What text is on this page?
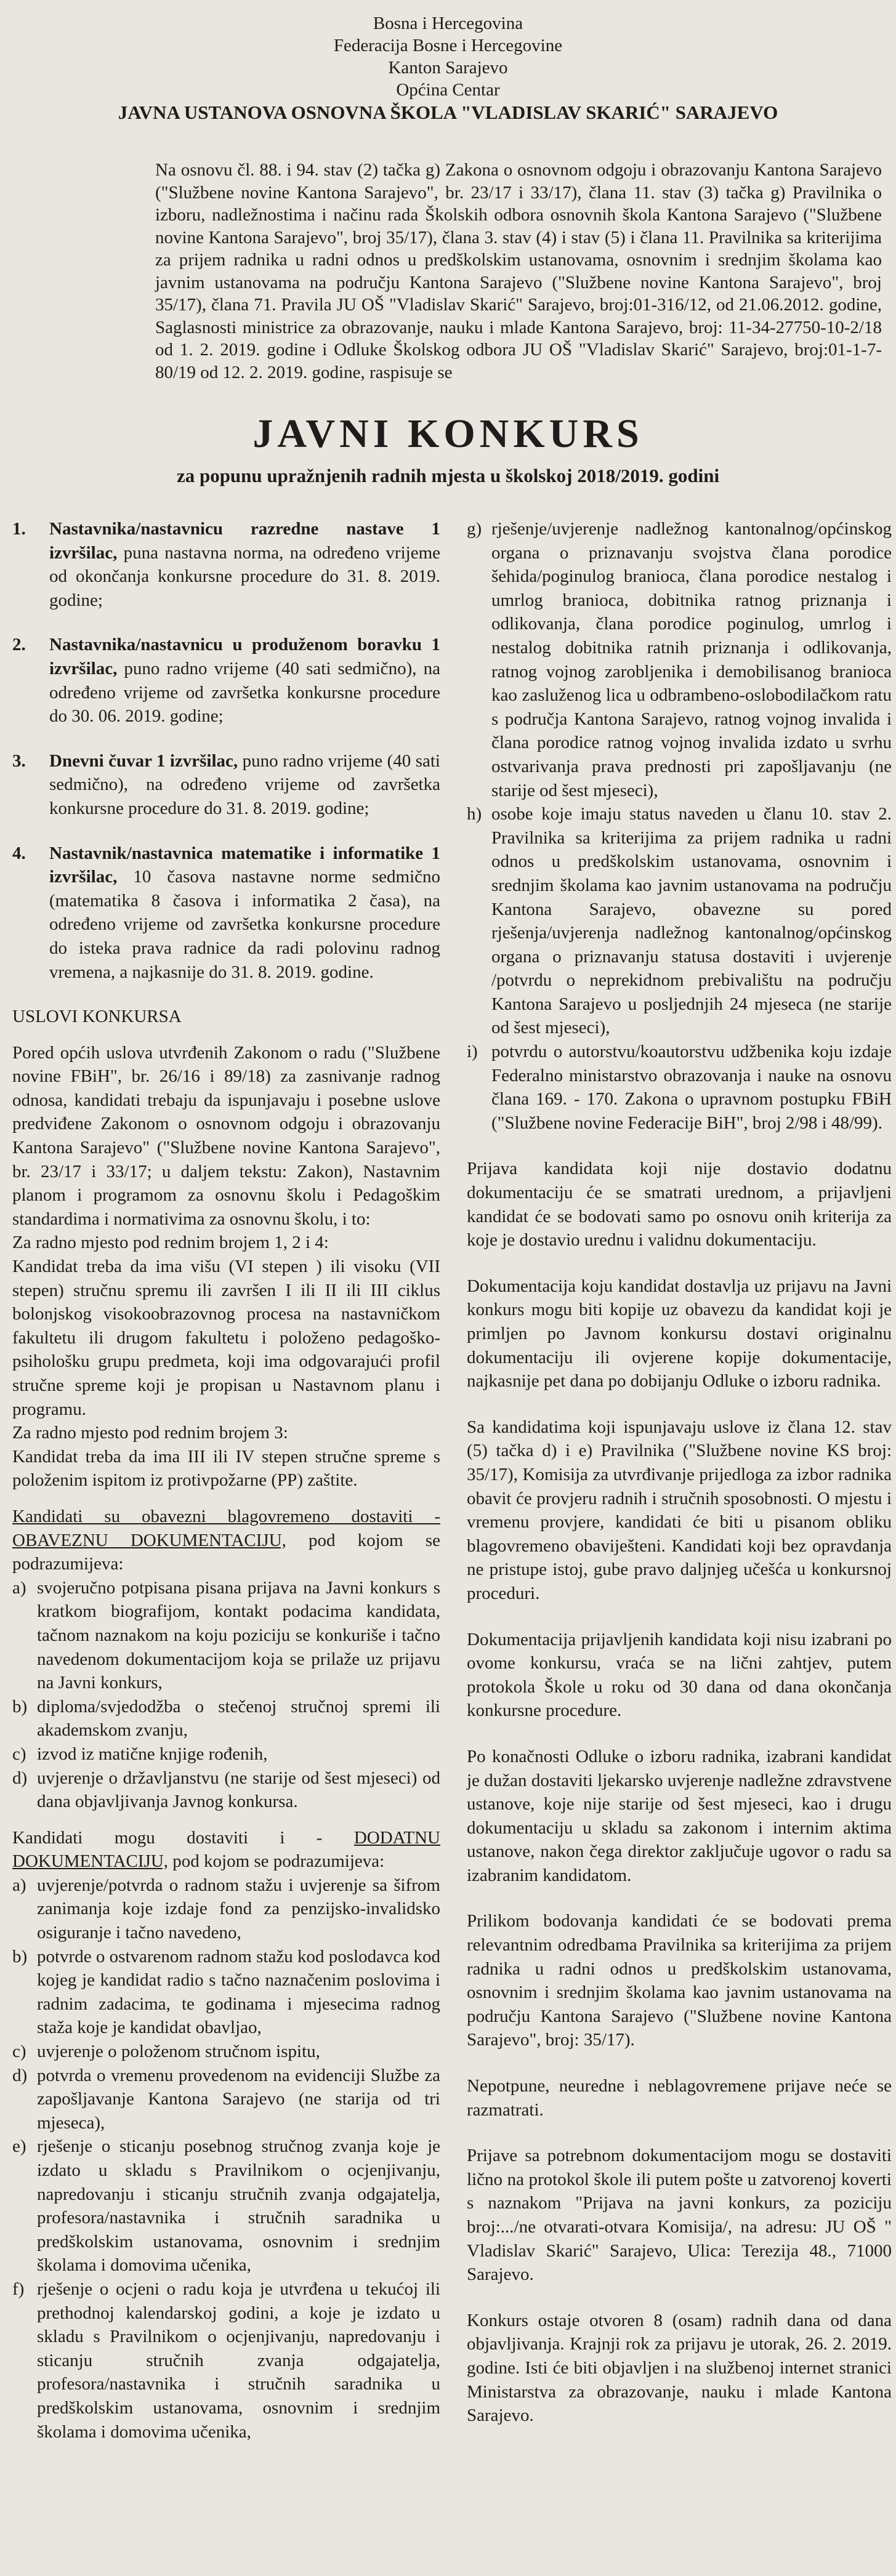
Bosna i Hercegovina
Federacija Bosne i Hercegovine
Kanton Sarajevo
Općina Centar
JAVNA USTANOVA OSNOVNA ŠKOLA "VLADISLAV SKARIĆ" SARAJEVO
Na osnovu čl. 88. i 94. stav (2) tačka g) Zakona o osnovnom odgoju i obrazovanju Kantona Sarajevo ("Službene novine Kantona Sarajevo", br. 23/17 i 33/17), člana 11. stav (3) tačka g) Pravilnika o izboru, nadležnostima i načinu rada Školskih odbora osnovnih škola Kantona Sarajevo ("Službene novine Kantona Sarajevo", broj 35/17), člana 3. stav (4) i stav (5) i člana 11. Pravilnika sa kriterijima za prijem radnika u radni odnos u predškolskim ustanovama, osnovnim i srednjim školama kao javnim ustanovama na području Kantona Sarajevo ("Službene novine Kantona Sarajevo", broj 35/17), člana 71. Pravila JU OŠ "Vladislav Skarić" Sarajevo, broj:01-316/12, od 21.06.2012. godine, Saglasnosti ministrice za obrazovanje, nauku i mlade Kantona Sarajevo, broj: 11-34-27750-10-2/18 od 1. 2. 2019. godine i Odluke Školskog odbora JU OŠ "Vladislav Skarić" Sarajevo, broj:01-1-7- 80/19 od 12. 2. 2019. godine, raspisuje se
JAVNI KONKURS
za popunu upražnjenih radnih mjesta u školskoj 2018/2019. godini
1.	Nastavnika/nastavnicu razredne nastave 1 izvršilac, puna nastavna norma, na određeno vrijeme od okončanja konkursne procedure do 31. 8. 2019. godine;
2.	Nastavnika/nastavnicu u produženom boravku 1 izvršilac, puno radno vrijeme (40 sati sedmično), na određeno vrijeme od završetka konkursne procedure do 30. 06. 2019. godine;
3.	Dnevni čuvar 1 izvršilac, puno radno vrijeme (40 sati sedmično), na određeno vrijeme od završetka konkursne procedure do 31. 8. 2019. godine;
4.	Nastavnik/nastavnica matematike i informatike 1 izvršilac, 10 časova nastavne norme sedmično (matematika 8 časova i informatika 2 časa), na određeno vrijeme od završetka konkursne procedure do isteka prava radnice da radi polovinu radnog vremena, a najkasnije do 31. 8. 2019. godine.

USLOVI KONKURSA

Pored općih uslova utvrđenih Zakonom o radu ("Službene novine FBiH", br. 26/16 i 89/18) za zasnivanje radnog odnosa, kandidati trebaju da ispunjavaju i posebne uslove predviđene Zakonom o osnovnom odgoju i obrazovanju Kantona Sarajevo" ("Službene novine Kantona Sarajevo", br. 23/17 i 33/17; u daljem tekstu: Zakon), Nastavnim planom i programom za osnovnu školu i Pedagoškim standardima i normativima za osnovnu školu, i to:

Za radno mjesto pod rednim brojem 1, 2 i 4:

Kandidat treba da ima višu (VI stepen ) ili visoku (VII stepen) stručnu spremu ili završen I ili II ili III ciklus bolonjskog visokoobrazovnog procesa na nastavničkom fakultetu ili drugom fakultetu i položeno pedagoško-psihološku grupu predmeta, koji ima odgovarajući profil stručne spreme koji je propisan u Nastavnom planu i programu.

Za radno mjesto pod rednim brojem 3:

Kandidat treba da ima III ili IV stepen stručne spreme s položenim ispitom iz protivpožarne (PP) zaštite.

Kandidati su obavezni blagovremeno dostaviti - OBAVEZNU DOKUMENTACIJU, pod kojom se podrazumijeva:

a) svojeručno potpisana pisana prijava na Javni konkurs s kratkom biografijom, kontakt podacima kandidata, tačnom naznakom na koju poziciju se konkuriše i tačno navedenom dokumentacijom koja se prilaže uz prijavu na Javni konkurs,
b) diploma/svjedodžba o stečenoj stručnoj spremi ili akademskom zvanju,
c) izvod iz matične knjige rođenih,
d) uvjerenje o državljanstvu (ne starije od šest mjeseci) od dana objavljivanja Javnog konkursa.

Kandidati mogu dostaviti i - DODATNU DOKUMENTACIJU, pod kojom se podrazumijeva:

a) uvjerenje/potvrda o radnom stažu i uvjerenje sa šifrom zanimanja koje izdaje fond za penzijsko-invalidsko osiguranje i tačno navedeno,
b) potvrde o ostvarenom radnom stažu kod poslodavca kod kojeg je kandidat radio s tačno naznačenim poslovima i radnim zadacima, te godinama i mjesecima radnog staža koje je kandidat obavljao,
c) uvjerenje o položenom stručnom ispitu,
d) potvrda o vremenu provedenom na evidenciji Službe za zapošljavanje Kantona Sarajevo (ne starija od tri mjeseca),
e) rješenje o sticanju posebnog stručnog zvanja koje je izdato u skladu s Pravilnikom o ocjenjivanju, napredovanju i sticanju stručnih zvanja odgajatelja, profesora/nastavnika i stručnih saradnika u predškolskim ustanovama, osnovnim i srednjim školama i domovima učenika,
f) rješenje o ocjeni o radu koja je utvrđena u tekućoj ili prethodnoj kalendarskoj godini, a koje je izdato u skladu s Pravilnikom o ocjenjivanju, napredovanju i sticanju stručnih zvanja odgajatelja, profesora/nastavnika i stručnih saradnika u predškolskim ustanovama, osnovnim i srednjim školama i domovima učenika,
g) rješenje/uvjerenje nadležnog kantonalnog/općinskog organa o priznavanju svojstva člana porodice šehida/poginulog branioca, člana porodice nestalog i umrlog branioca, dobitnika ratnog priznanja i odlikovanja, člana porodice poginulog, umrlog i nestalog dobitnika ratnih priznanja i odlikovanja, ratnog vojnog zarobljenika i demobilisanog branioca kao zasluženog lica u odbrambeno-oslobodilačkom ratu s područja Kantona Sarajevo, ratnog vojnog invalida i člana porodice ratnog vojnog invalida izdato u svrhu ostvarivanja prava prednosti pri zapošljavanju (ne starije od šest mjeseci),
h) osobe koje imaju status naveden u članu 10. stav 2. Pravilnika sa kriterijima za prijem radnika u radni odnos u predškolskim ustanovama, osnovnim i srednjim školama kao javnim ustanovama na području Kantona Sarajevo, obavezne su pored rješenja/uvjerenja nadležnog kantonalnog/općinskog organa o priznavanju statusa dostaviti i uvjerenje /potvrdu o neprekidnom prebivalištu na području Kantona Sarajevo u posljednjih 24 mjeseca (ne starije od šest mjeseci),
i) potvrdu o autorstvu/koautorstvu udžbenika koju izdaje Federalno ministarstvo obrazovanja i nauke na osnovu člana 169. - 170. Zakona o upravnom postupku FBiH ("Službene novine Federacije BiH", broj 2/98 i 48/99).

Prijava kandidata koji nije dostavio dodatnu dokumentaciju će se smatrati urednom, a prijavljeni kandidat će se bodovati samo po osnovu onih kriterija za koje je dostavio urednu i validnu dokumentaciju.

Dokumentacija koju kandidat dostavlja uz prijavu na Javni konkurs mogu biti kopije uz obavezu da kandidat koji je primljen po Javnom konkursu dostavi originalnu dokumentaciju ili ovjerene kopije dokumentacije, najkasnije pet dana po dobijanju Odluke o izboru radnika.

Sa kandidatima koji ispunjavaju uslove iz člana 12. stav (5) tačka d) i e) Pravilnika ("Službene novine KS broj: 35/17), Komisija za utvrđivanje prijedloga za izbor radnika obavit će provjeru radnih i stručnih sposobnosti. O mjestu i vremenu provjere, kandidati će biti u pisanom obliku blagovremeno obaviješteni. Kandidati koji bez opravdanja ne pristupe istoj, gube pravo daljnjeg učešća u konkursnoj proceduri.

Dokumentacija prijavljenih kandidata koji nisu izabrani po ovome konkursu, vraća se na lični zahtjev, putem protokola Škole u roku od 30 dana od dana okončanja konkursne procedure.

Po konačnosti Odluke o izboru radnika, izabrani kandidat je dužan dostaviti ljekarsko uvjerenje nadležne zdravstvene ustanove, koje nije starije od šest mjeseci, kao i drugu dokumentaciju u skladu sa zakonom i internim aktima ustanove, nakon čega direktor zaključuje ugovor o radu sa izabranim kandidatom.

Prilikom bodovanja kandidati će se bodovati prema relevantnim odredbama Pravilnika sa kriterijima za prijem radnika u radni odnos u predškolskim ustanovama, osnovnim i srednjim školama kao javnim ustanovama na području Kantona Sarajevo ("Službene novine Kantona Sarajevo", broj: 35/17).

Nepotpune, neuredne i neblagovremene prijave neće se razmatrati.

Prijave sa potrebnom dokumentacijom mogu se dostaviti lično na protokol škole ili putem pošte u zatvorenoj koverti s naznakom "Prijava na javni konkurs, za poziciju broj:.../ne otvarati-otvara Komisija/, na adresu: JU OŠ " Vladislav Skarić" Sarajevo, Ulica: Terezija 48., 71000 Sarajevo.

Konkurs ostaje otvoren 8 (osam) radnih dana od dana objavljivanja. Krajnji rok za prijavu je utorak, 26. 2. 2019. godine. Isti će biti objavljen i na službenoj internet stranici Ministarstva za obrazovanje, nauku i mlade Kantona Sarajevo.
